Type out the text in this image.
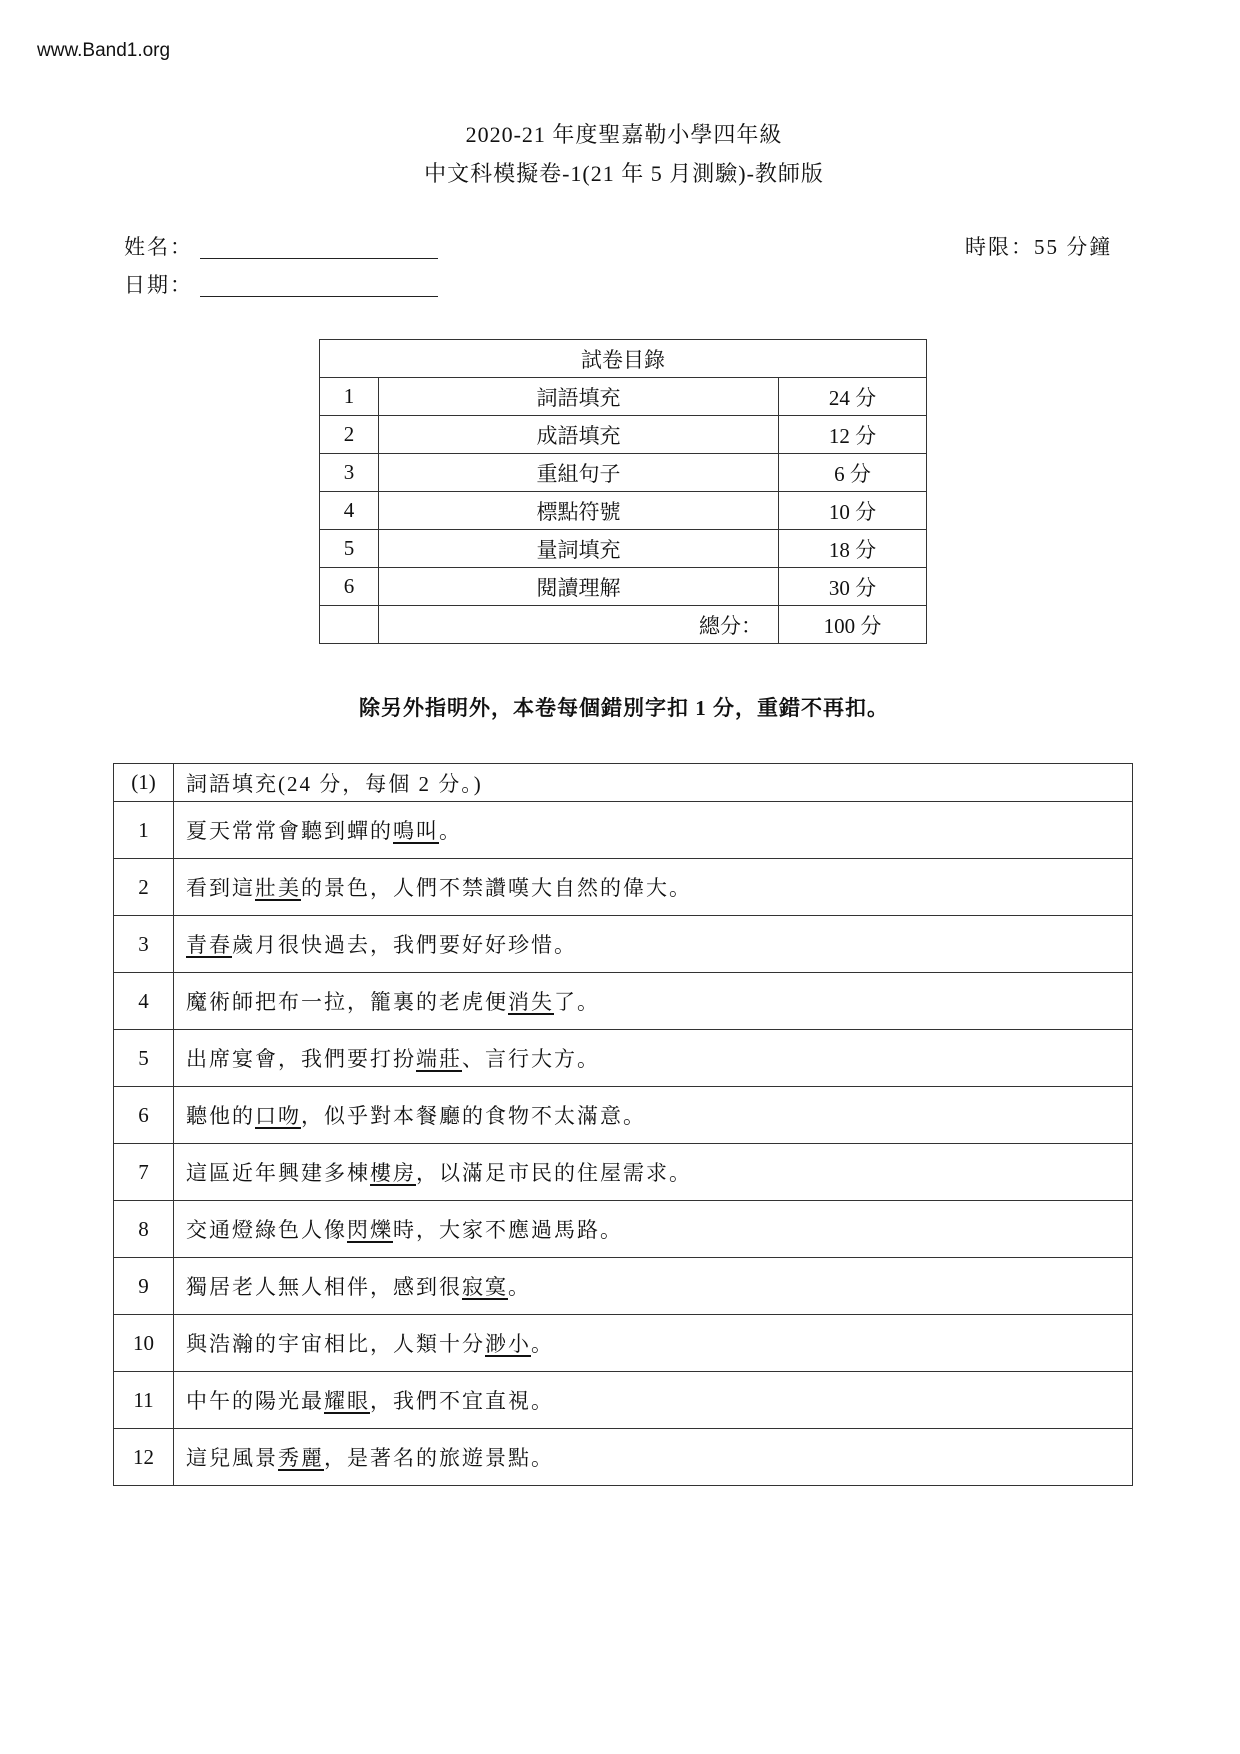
www.Band1.org
2020-21 年度聖嘉勒小學四年級
中文科模擬卷-1(21 年 5 月測驗)-教師版
姓名：
日期：
時限：55 分鐘
試卷目錄		
1	詞語填充	24 分
2	成語填充	12 分
3	重組句子	6 分
4	標點符號	10 分
5	量詞填充	18 分
6	閱讀理解	30 分
	總分：	100 分
除另外指明外，本卷每個錯別字扣 1 分，重錯不再扣。
(1)	詞語填充(24 分，每個 2 分。)
1	夏天常常會聽到蟬的鳴叫。
2	看到這壯美的景色，人們不禁讚嘆大自然的偉大。
3	青春歲月很快過去，我們要好好珍惜。
4	魔術師把布一拉，籠裏的老虎便消失了。
5	出席宴會，我們要打扮端莊、言行大方。
6	聽他的口吻，似乎對本餐廳的食物不太滿意。
7	這區近年興建多棟樓房，以滿足市民的住屋需求。
8	交通燈綠色人像閃爍時，大家不應過馬路。
9	獨居老人無人相伴，感到很寂寞。
10	與浩瀚的宇宙相比，人類十分渺小。
11	中午的陽光最耀眼，我們不宜直視。
12	這兒風景秀麗，是著名的旅遊景點。
